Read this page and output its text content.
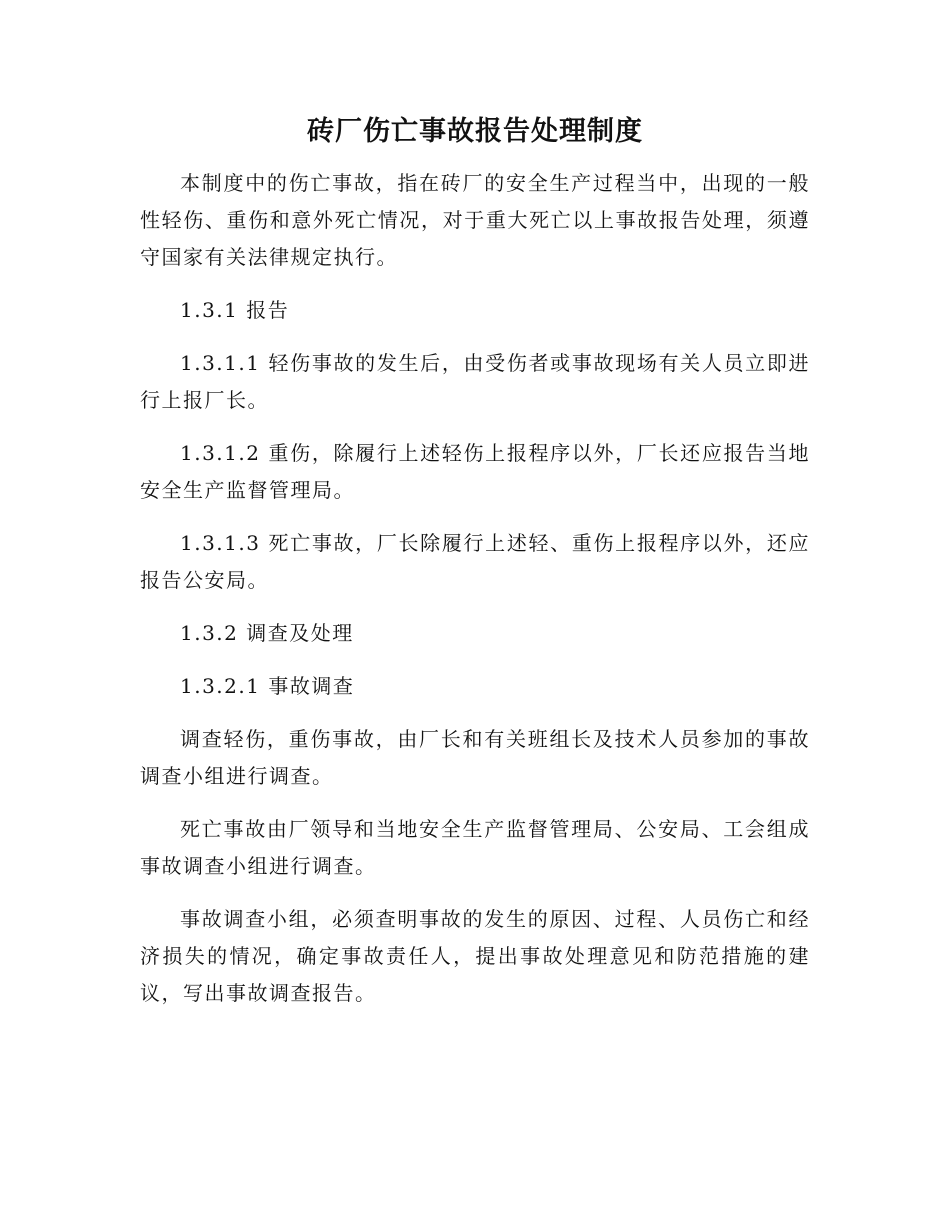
砖厂伤亡事故报告处理制度

本制度中的伤亡事故，指在砖厂的安全生产过程当中，出现的一般性轻伤、重伤和意外死亡情况，对于重大死亡以上事故报告处理，须遵守国家有关法律规定执行。

1.3.1 报告

1.3.1.1 轻伤事故的发生后，由受伤者或事故现场有关人员立即进行上报厂长。

1.3.1.2 重伤，除履行上述轻伤上报程序以外，厂长还应报告当地安全生产监督管理局。

1.3.1.3 死亡事故，厂长除履行上述轻、重伤上报程序以外，还应报告公安局。

1.3.2 调查及处理

1.3.2.1 事故调查

调查轻伤，重伤事故，由厂长和有关班组长及技术人员参加的事故调查小组进行调查。

死亡事故由厂领导和当地安全生产监督管理局、公安局、工会组成事故调查小组进行调查。

事故调查小组，必须查明事故的发生的原因、过程、人员伤亡和经济损失的情况，确定事故责任人，提出事故处理意见和防范措施的建议，写出事故调查报告。
